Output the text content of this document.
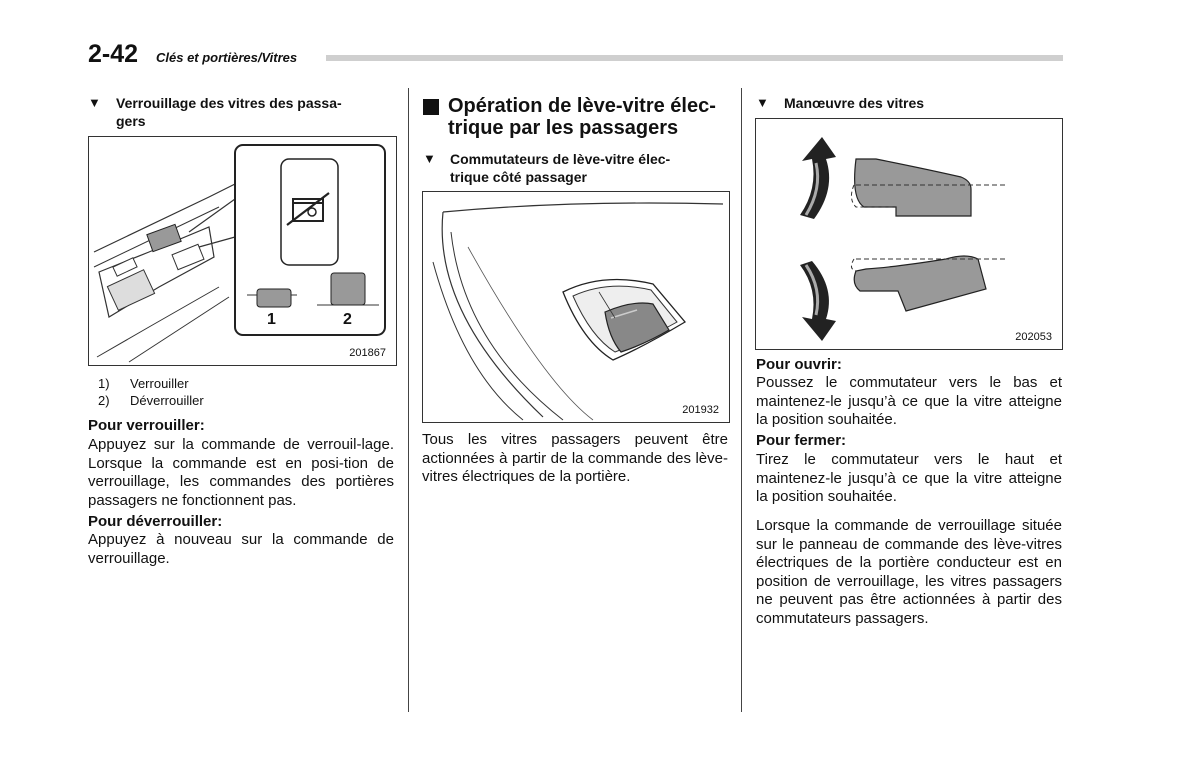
2-42 Clés et portières/Vitres
▼ Verrouillage des vitres des passa-
gers
1	2
201867
1) Verrouiller
2) Déverrouiller
Pour verrouiller:
Appuyez sur la commande de verrouil-lage. Lorsque la commande est en posi-tion de verrouillage, les commandes des portières passagers ne fonctionnent pas.
Pour déverrouiller:
Appuyez à nouveau sur la commande de verrouillage.
Opération de lève-vitre élec-
trique par les passagers
▼ Commutateurs de lève-vitre élec-
trique côté passager
201932
Tous les vitres passagers peuvent être actionnées à partir de la commande des lève-vitres électriques de la portière.
▼ Manœuvre des vitres
202053
Pour ouvrir:
Poussez le commutateur vers le bas et maintenez-le jusqu’à ce que la vitre atteigne la position souhaitée.
Pour fermer:
Tirez le commutateur vers le haut et maintenez-le jusqu’à ce que la vitre atteigne la position souhaitée.
Lorsque la commande de verrouillage située sur le panneau de commande des lève-vitres électriques de la portière conducteur est en position de verrouillage, les vitres passagers ne peuvent pas être actionnées à partir des commutateurs passagers.
